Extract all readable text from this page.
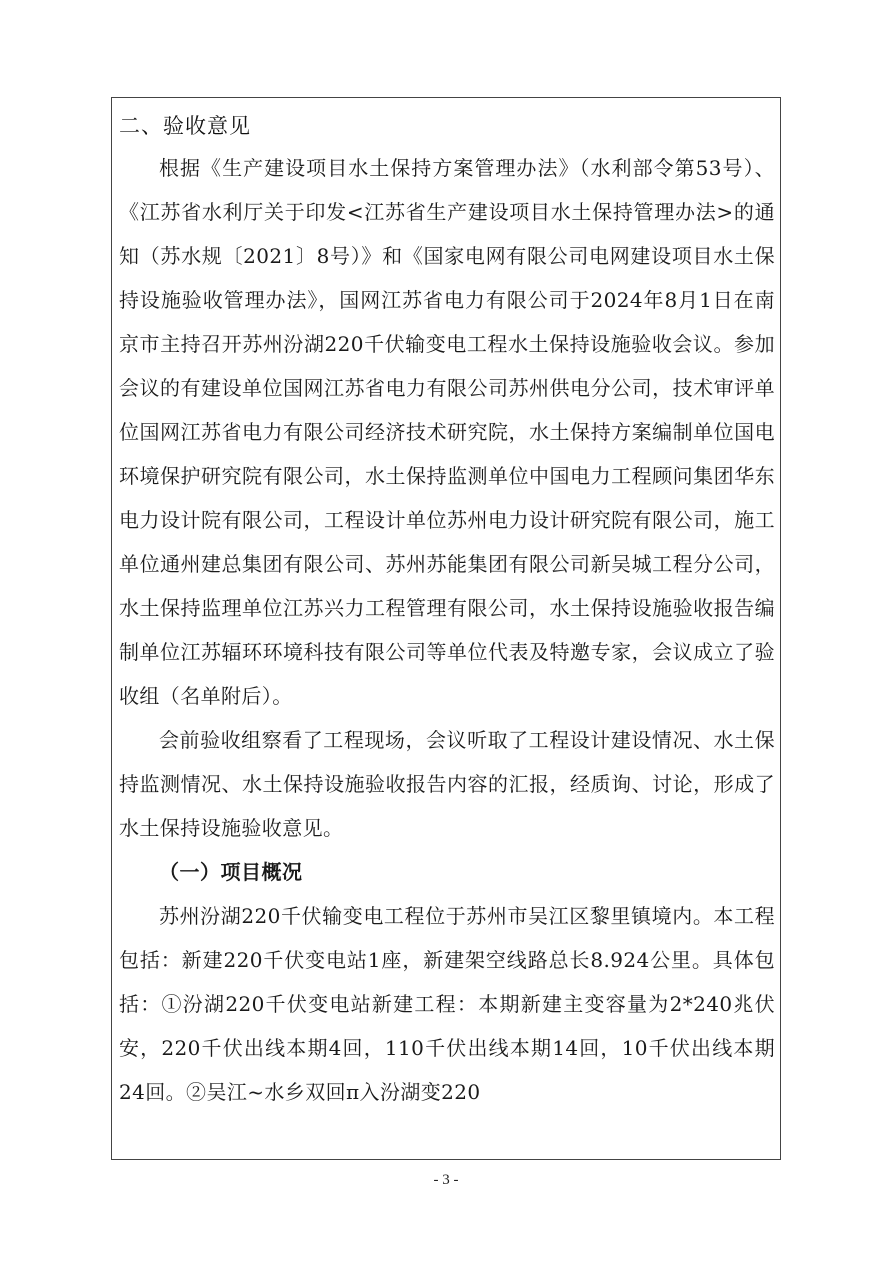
二、验收意见

根据《生产建设项目水土保持方案管理办法》（水利部令第53号）、《江苏省水利厅关于印发<江苏省生产建设项目水土保持管理办法>的通知（苏水规〔2021〕8号）》和《国家电网有限公司电网建设项目水土保持设施验收管理办法》，国网江苏省电力有限公司于2024年8月1日在南京市主持召开苏州汾湖220千伏输变电工程水土保持设施验收会议。参加会议的有建设单位国网江苏省电力有限公司苏州供电分公司，技术审评单位国网江苏省电力有限公司经济技术研究院，水土保持方案编制单位国电环境保护研究院有限公司，水土保持监测单位中国电力工程顾问集团华东电力设计院有限公司，工程设计单位苏州电力设计研究院有限公司，施工单位通州建总集团有限公司、苏州苏能集团有限公司新吴城工程分公司，水土保持监理单位江苏兴力工程管理有限公司，水土保持设施验收报告编制单位江苏辐环环境科技有限公司等单位代表及特邀专家，会议成立了验收组（名单附后）。

会前验收组察看了工程现场，会议听取了工程设计建设情况、水土保持监测情况、水土保持设施验收报告内容的汇报，经质询、讨论，形成了水土保持设施验收意见。

（一）项目概况

苏州汾湖220千伏输变电工程位于苏州市吴江区黎里镇境内。本工程包括：新建220千伏变电站1座，新建架空线路总长8.924公里。具体包括：①汾湖220千伏变电站新建工程：本期新建主变容量为2*240兆伏安，220千伏出线本期4回，110千伏出线本期14回，10千伏出线本期24回。②吴江~水乡双回π入汾湖变220

- 3 -
